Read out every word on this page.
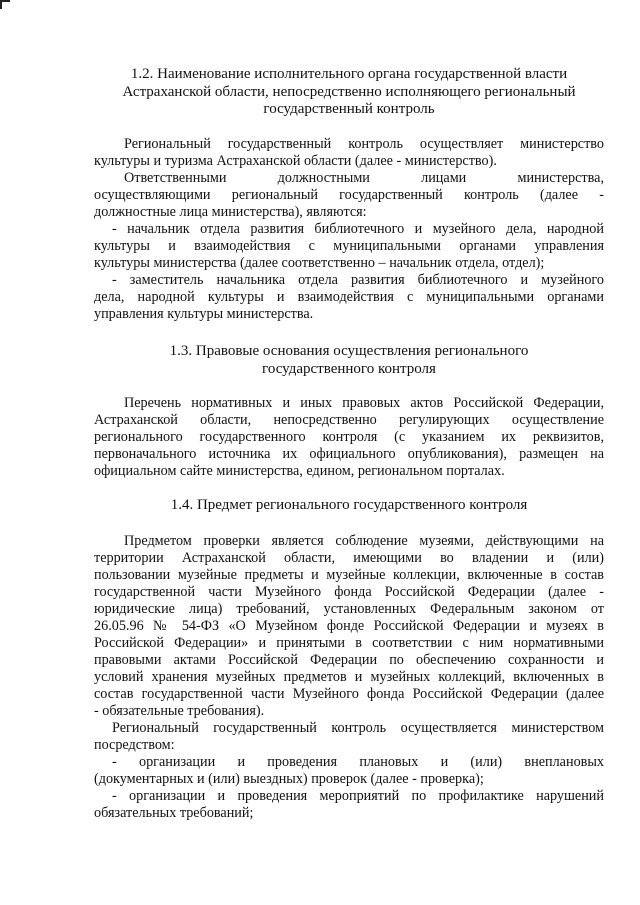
1.2. Наименование исполнительного органа государственной власти
Астраханской области, непосредственно исполняющего региональный
государственный контроль
Региональный государственный контроль осуществляет министерство
культуры и туризма Астраханской области (далее - министерство).
Ответственными должностными лицами министерства,
осуществляющими региональный государственный контроль (далее -
должностные лица министерства), являются:
- начальник отдела развития библиотечного и музейного дела, народной
культуры и взаимодействия с муниципальными органами управления
культуры министерства (далее соответственно – начальник отдела, отдел);
- заместитель начальника отдела развития библиотечного и музейного
дела, народной культуры и взаимодействия с муниципальными органами
управления культуры министерства.
1.3. Правовые основания осуществления регионального
государственного контроля
Перечень нормативных и иных правовых актов Российской Федерации,
Астраханской области, непосредственно регулирующих осуществление
регионального государственного контроля (с указанием их реквизитов,
первоначального источника их официального опубликования), размещен на
официальном сайте министерства, едином, региональном порталах.
1.4. Предмет регионального государственного контроля
Предметом проверки является соблюдение музеями, действующими на
территории Астраханской области, имеющими во владении и (или)
пользовании музейные предметы и музейные коллекции, включенные в состав
государственной части Музейного фонда Российской Федерации (далее -
юридические лица) требований, установленных Федеральным законом от
26.05.96 № 54-ФЗ «О Музейном фонде Российской Федерации и музеях в
Российской Федерации» и принятыми в соответствии с ним нормативными
правовыми актами Российской Федерации по обеспечению сохранности и
условий хранения музейных предметов и музейных коллекций, включенных в
состав государственной части Музейного фонда Российской Федерации (далее
- обязательные требования).
Региональный государственный контроль осуществляется министерством
посредством:
- организации и проведения плановых и (или) внеплановых
(документарных и (или) выездных) проверок (далее - проверка);
- организации и проведения мероприятий по профилактике нарушений
обязательных требований;
